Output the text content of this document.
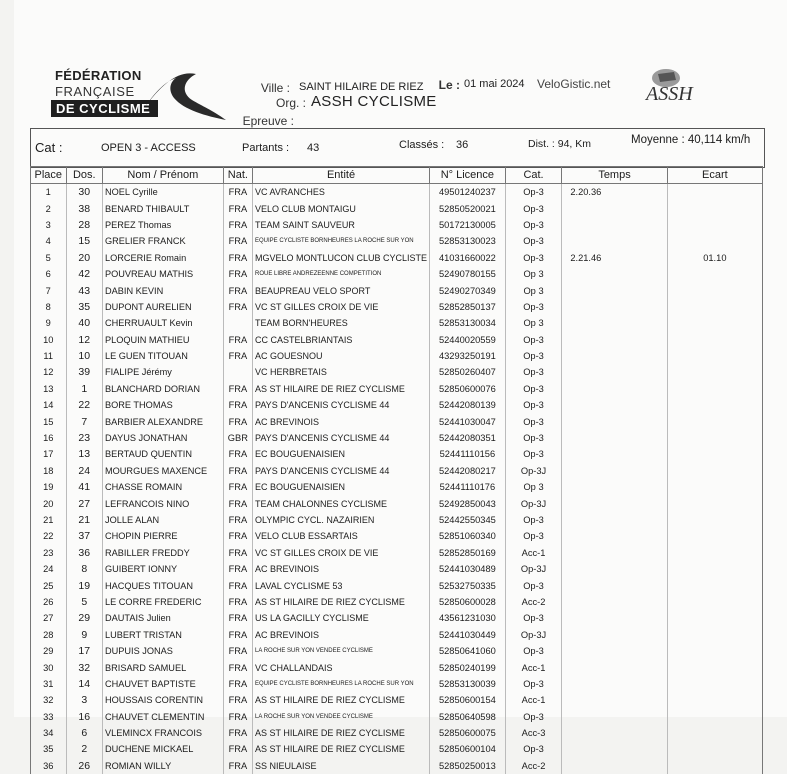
FÉDÉRATION
FRANÇAISE
DE CYCLISME
Ville : SAINT HILAIRE DE RIEZ
Org. : ASSH CYCLISME
Epreuve :
Le : 01 mai 2024 VeloGistic.net ASSH
Cat :	OPEN 3 - ACCESS	Partants : 43	Classés : 36	Dist. : 94, Km	Moyenne : 40,114 km/h
Place	Dos.	Nom / Prénom	Nat.	Entité	N° Licence	Cat.	Temps	Ecart
1	30	NOEL Cyrille	FRA	VC AVRANCHES	49501240237	Op-3	2.20.36	
2	38	BENARD THIBAULT	FRA	VELO CLUB MONTAIGU	52850520021	Op-3		
3	28	PEREZ Thomas	FRA	TEAM SAINT SAUVEUR	50172130005	Op-3		
4	15	GRELIER FRANCK	FRA	EQUIPE CYCLISTE BORNHEURES LA ROCHE SUR YON	52853130023	Op-3		
5	20	LORCERIE Romain	FRA	MGVELO MONTLUCON CLUB CYCLISTE	41031660022	Op-3	2.21.46	01.10
6	42	POUVREAU MATHIS	FRA	ROUE LIBRE ANDREZEENNE COMPETITION	52490780155	Op 3		
7	43	DABIN KEVIN	FRA	BEAUPREAU VELO SPORT	52490270349	Op 3		
8	35	DUPONT AURELIEN	FRA	VC ST GILLES CROIX DE VIE	52852850137	Op-3		
9	40	CHERRUAULT Kevin		TEAM BORN'HEURES	52853130034	Op 3		
10	12	PLOQUIN MATHIEU	FRA	CC CASTELBRIANTAIS	52440020559	Op-3		
11	10	LE GUEN TITOUAN	FRA	AC GOUESNOU	43293250191	Op-3		
12	39	FIALIPE Jérémy		VC HERBRETAIS	52850260407	Op-3		
13	1	BLANCHARD DORIAN	FRA	AS ST HILAIRE DE RIEZ CYCLISME	52850600076	Op-3		
14	22	BORE THOMAS	FRA	PAYS D'ANCENIS CYCLISME 44	52442080139	Op-3		
15	7	BARBIER ALEXANDRE	FRA	AC BREVINOIS	52441030047	Op-3		
16	23	DAYUS JONATHAN	GBR	PAYS D'ANCENIS CYCLISME 44	52442080351	Op-3		
17	13	BERTAUD QUENTIN	FRA	EC BOUGUENAISIEN	52441110156	Op-3		
18	24	MOURGUES MAXENCE	FRA	PAYS D'ANCENIS CYCLISME 44	52442080217	Op-3J		
19	41	CHASSE ROMAIN	FRA	EC BOUGUENAISIEN	52441110176	Op 3		
20	27	LEFRANCOIS NINO	FRA	TEAM CHALONNES CYCLISME	52492850043	Op-3J		
21	21	JOLLE ALAN	FRA	OLYMPIC CYCL. NAZAIRIEN	52442550345	Op-3		
22	37	CHOPIN PIERRE	FRA	VELO CLUB ESSARTAIS	52851060340	Op-3		
23	36	RABILLER FREDDY	FRA	VC ST GILLES CROIX DE VIE	52852850169	Acc-1		
24	8	GUIBERT IONNY	FRA	AC BREVINOIS	52441030489	Op-3J		
25	19	HACQUES TITOUAN	FRA	LAVAL CYCLISME 53	52532750335	Op-3		
26	5	LE CORRE FREDERIC	FRA	AS ST HILAIRE DE RIEZ CYCLISME	52850600028	Acc-2		
27	29	DAUTAIS Julien	FRA	US LA GACILLY CYCLISME	43561231030	Op-3		
28	9	LUBERT TRISTAN	FRA	AC BREVINOIS	52441030449	Op-3J		
29	17	DUPUIS JONAS	FRA	LA ROCHE SUR YON VENDEE CYCLISME	52850641060	Op-3		
30	32	BRISARD SAMUEL	FRA	VC CHALLANDAIS	52850240199	Acc-1		
31	14	CHAUVET BAPTISTE	FRA	EQUIPE CYCLISTE BORNHEURES LA ROCHE SUR YON	52853130039	Op-3		
32	3	HOUSSAIS CORENTIN	FRA	AS ST HILAIRE DE RIEZ CYCLISME	52850600154	Acc-1		
33	16	CHAUVET CLEMENTIN	FRA	LA ROCHE SUR YON VENDEE CYCLISME	52850640598	Op-3		
34	6	VLEMINCX FRANCOIS	FRA	AS ST HILAIRE DE RIEZ CYCLISME	52850600075	Acc-3		
35	2	DUCHENE MICKAEL	FRA	AS ST HILAIRE DE RIEZ CYCLISME	52850600104	Op-3		
36	26	ROMIAN WILLY	FRA	SS NIEULAISE	52850250013	Acc-2		
